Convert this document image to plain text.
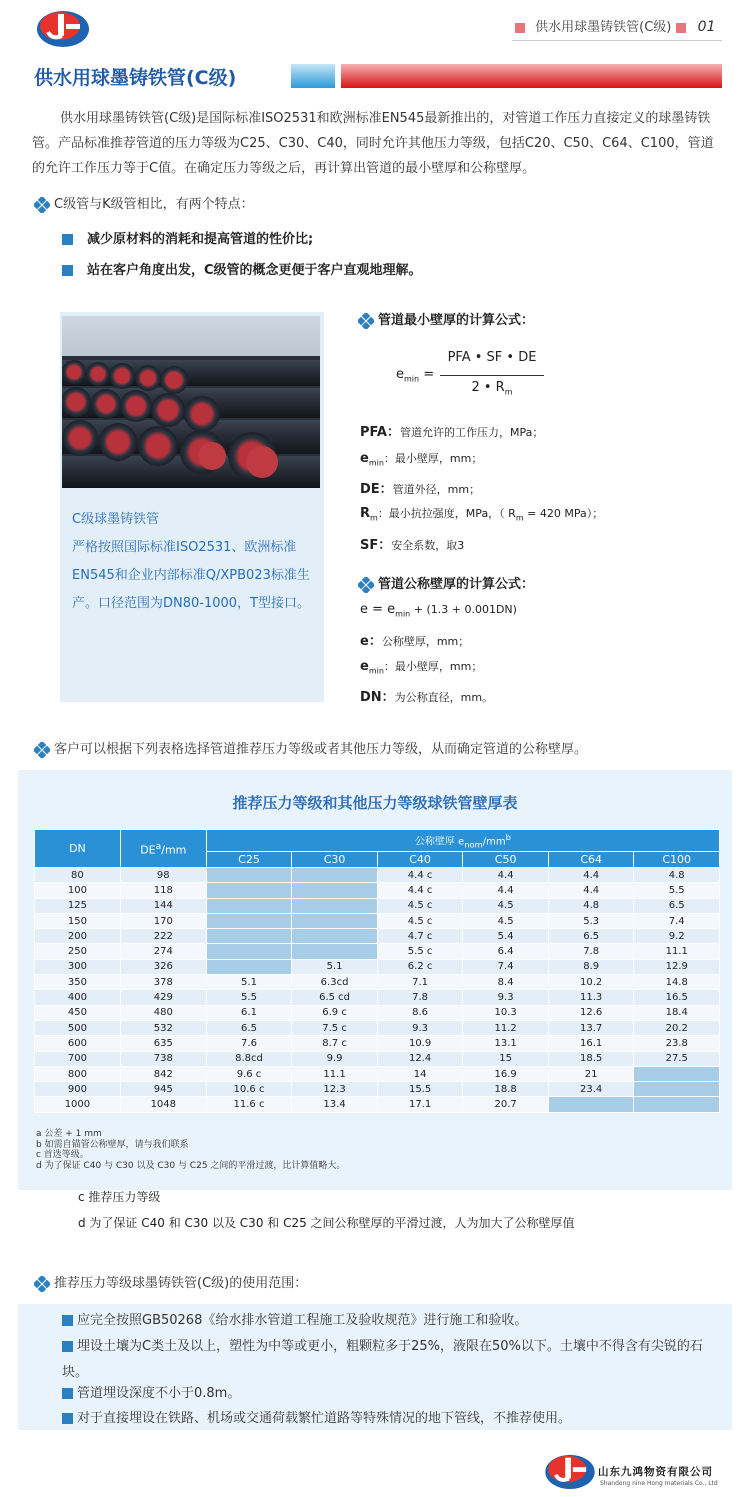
供水用球墨铸铁管(C级) 01
供水用球墨铸铁管(C级)

供水用球墨铸铁管(C级)是国际标准ISO2531和欧洲标准EN545最新推出的，对管道工作压力直接定义的球墨铸铁管。产品标准推荐管道的压力等级为C25、C30、C40，同时允许其他压力等级，包括C20、C50、C64、C100，管道的允许工作压力等于C值。在确定压力等级之后，再计算出管道的最小壁厚和公称壁厚。

C级管与K级管相比，有两个特点：
减少原材料的消耗和提高管道的性价比;
站在客户角度出发，C级管的概念更便于客户直观地理解。
C级球墨铸铁管
严格按照国际标准ISO2531、欧洲标准EN545和企业内部标准Q/XPB023标准生产。口径范围为DN80-1000，T型接口。
管道最小壁厚的计算公式：
$e_{min}$ =
PFA • SF • DE
2 • $R_m$
PFA：管道允许的工作压力，MPa；
$e_{min}$：最小壁厚，mm；
DE：管道外径，mm；
$R_m$：最小抗拉强度，MPa，（ $R_m = 420$ MPa）；
SF：安全系数，取3
管道公称壁厚的计算公式：
$e = e_{min} + (1.3 + 0.001DN)$
e：公称壁厚，mm；
$e_{min}$：最小壁厚，mm；
DN：为公称直径，mm。
客户可以根据下列表格选择管道推荐压力等级或者其他压力等级，从而确定管道的公称壁厚。
推荐压力等级和其他压力等级球铁管壁厚表
DN	$DE^a/mm$	公称壁厚 $e_{nom}/mm^b$
		C25	C30	C40	C50	C64	C100
80	98			4.4 c	4.4	4.4	4.8
100	118			4.4 c	4.4	4.4	5.5
125	144			4.5 c	4.5	4.8	6.5
150	170			4.5 c	4.5	5.3	7.4
200	222			4.7 c	5.4	6.5	9.2
250	274			5.5 c	6.4	7.8	11.1
300	326		5.1	6.2 c	7.4	8.9	12.9
350	378	5.1	6.3cd	7.1	8.4	10.2	14.8
400	429	5.5	6.5 cd	7.8	9.3	11.3	16.5
450	480	6.1	6.9 c	8.6	10.3	12.6	18.4
500	532	6.5	7.5 c	9.3	11.2	13.7	20.2
600	635	7.6	8.7 c	10.9	13.1	16.1	23.8
700	738	8.8cd	9.9	12.4	15	18.5	27.5
800	842	9.6 c	11.1	14	16.9	21	
900	945	10.6 c	12.3	15.5	18.8	23.4	
1000	1048	11.6 c	13.4	17.1	20.7		
a 公差 + 1 mm
b 如需自锚管公称壁厚，请与我们联系
c 首选等级。
d 为了保证 C40 与 C30 以及 C30 与 C25 之间的平滑过渡，比计算值略大。
c 推荐压力等级
d 为了保证 C40 和 C30 以及 C30 和 C25 之间公称壁厚的平滑过渡，人为加大了公称壁厚值
推荐压力等级球墨铸铁管(C级)的使用范围：
应完全按照GB50268《给水排水管道工程施工及验收规范》进行施工和验收。
埋设土壤为C类土及以上，塑性为中等或更小，粗颗粒多于25%，液限在50%以下。土壤中不得含有尖锐的石块。
管道埋设深度不小于0.8m。
对于直接埋设在铁路、机场或交通荷载繁忙道路等特殊情况的地下管线，不推荐使用。
山东九鸿物资有限公司
Shandong nine Hong materials Co., Ltd
